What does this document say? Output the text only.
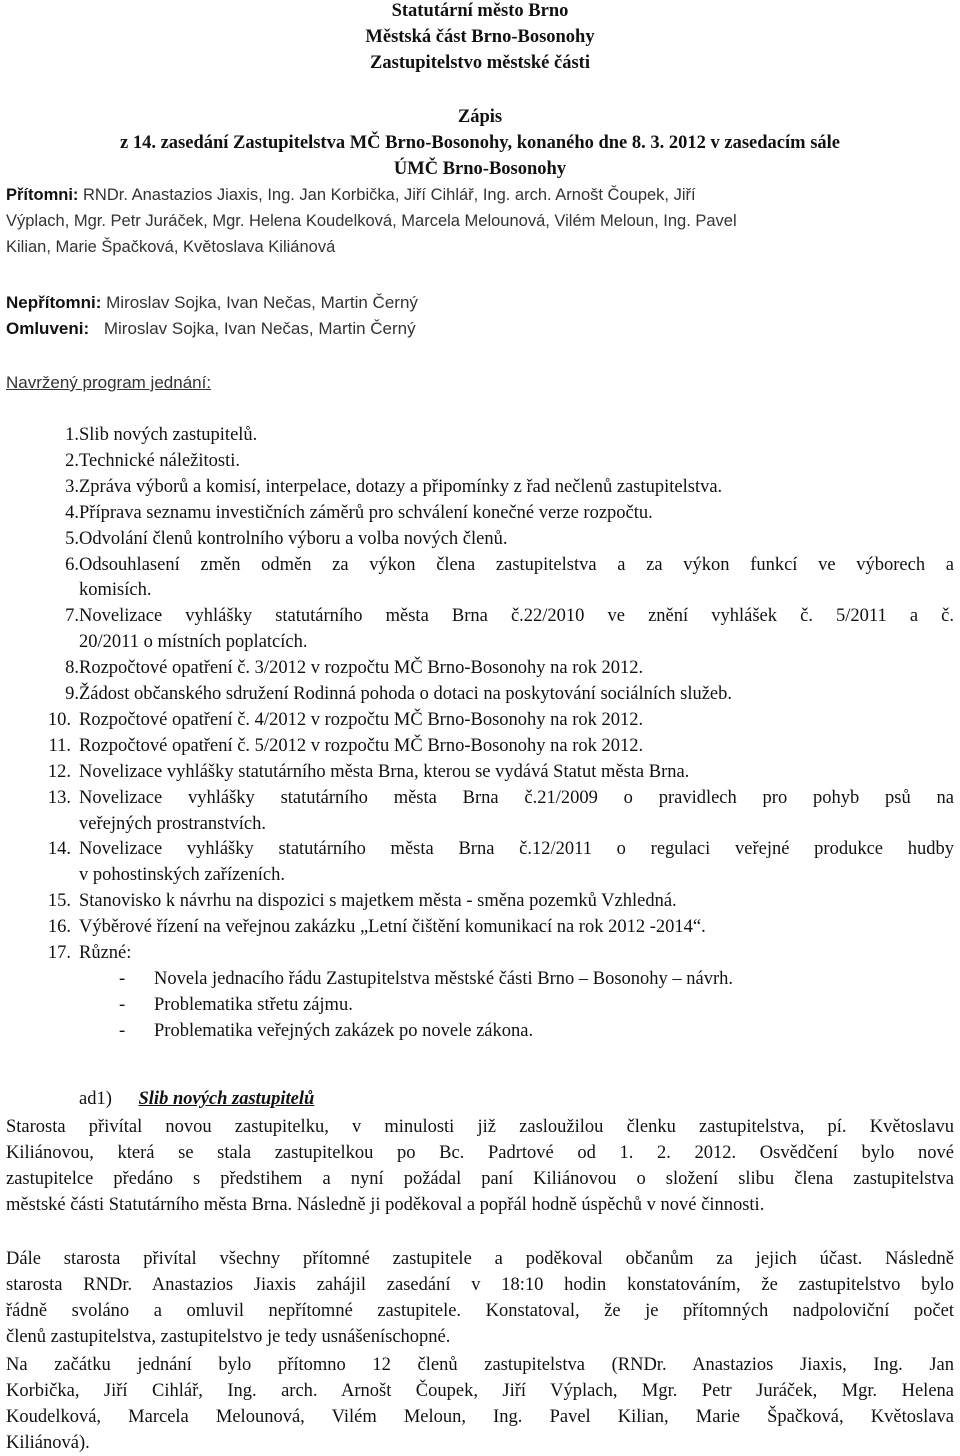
Statutární město Brno
Městská část Brno-Bosonohy
Zastupitelstvo městské části
Zápis
z 14. zasedání Zastupitelstva MČ Brno-Bosonohy, konaného dne 8. 3. 2012 v zasedacím sále
ÚMČ Brno-Bosonohy
Přítomni: RNDr. Anastazios Jiaxis, Ing. Jan Korbička, Jiří Cihlář, Ing. arch. Arnošt Čoupek, Jiří
Výplach, Mgr. Petr Juráček, Mgr. Helena Koudelková, Marcela Melounová, Vilém Meloun, Ing. Pavel
Kilian, Marie Špačková, Květoslava Kiliánová
Nepřítomni: Miroslav Sojka, Ivan Nečas, Martin Černý
Omluveni: Miroslav Sojka, Ivan Nečas, Martin Černý
Navržený program jednání:
1. Slib nových zastupitelů.
2. Technické náležitosti.
3. Zpráva výborů a komisí, interpelace, dotazy a připomínky z řad nečlenů zastupitelstva.
4. Příprava seznamu investičních záměrů pro schválení konečné verze rozpočtu.
5. Odvolání členů kontrolního výboru a volba nových členů.
6. Odsouhlasení změn odměn za výkon člena zastupitelstva a za výkon funkcí ve výborech a
komisích.
7. Novelizace vyhlášky statutárního města Brna č.22/2010 ve znění vyhlášek č. 5/2011 a č.
20/2011 o místních poplatcích.
8. Rozpočtové opatření č. 3/2012 v rozpočtu MČ Brno-Bosonohy na rok 2012.
9. Žádost občanského sdružení Rodinná pohoda o dotaci na poskytování sociálních služeb.
10. Rozpočtové opatření č. 4/2012 v rozpočtu MČ Brno-Bosonohy na rok 2012.
11. Rozpočtové opatření č. 5/2012 v rozpočtu MČ Brno-Bosonohy na rok 2012.
12. Novelizace vyhlášky statutárního města Brna, kterou se vydává Statut města Brna.
13. Novelizace vyhlášky statutárního města Brna č.21/2009 o pravidlech pro pohyb psů na
veřejných prostranstvích.
14. Novelizace vyhlášky statutárního města Brna č.12/2011 o regulaci veřejné produkce hudby
v pohostinských zařízeních.
15. Stanovisko k návrhu na dispozici s majetkem města - směna pozemků Vzhledná.
16. Výběrové řízení na veřejnou zakázku „Letní čištění komunikací na rok 2012 -2014“.
17. Různé:
- Novela jednacího řádu Zastupitelstva městské části Brno – Bosonohy – návrh.
- Problematika střetu zájmu.
- Problematika veřejných zakázek po novele zákona.
ad1) Slib nových zastupitelů
Starosta přivítal novou zastupitelku, v minulosti již zasloužilou členku zastupitelstva, pí. Květoslavu
Kiliánovou, která se stala zastupitelkou po Bc. Padrtové od 1. 2. 2012. Osvědčení bylo nové
zastupitelce předáno s předstihem a nyní požádal paní Kiliánovou o složení slibu člena zastupitelstva
městské části Statutárního města Brna. Následně ji poděkoval a popřál hodně úspěchů v nové činnosti.
Dále starosta přivítal všechny přítomné zastupitele a poděkoval občanům za jejich účast. Následně
starosta RNDr. Anastazios Jiaxis zahájil zasedání v 18:10 hodin konstatováním, že zastupitelstvo bylo
řádně svoláno a omluvil nepřítomné zastupitele. Konstatoval, že je přítomných nadpoloviční počet
členů zastupitelstva, zastupitelstvo je tedy usnášeníschopné.
Na začátku jednání bylo přítomno 12 členů zastupitelstva (RNDr. Anastazios Jiaxis, Ing. Jan
Korbička, Jiří Cihlář, Ing. arch. Arnošt Čoupek, Jiří Výplach, Mgr. Petr Juráček, Mgr. Helena
Koudelková, Marcela Melounová, Vilém Meloun, Ing. Pavel Kilian, Marie Špačková, Květoslava
Kiliánová).
